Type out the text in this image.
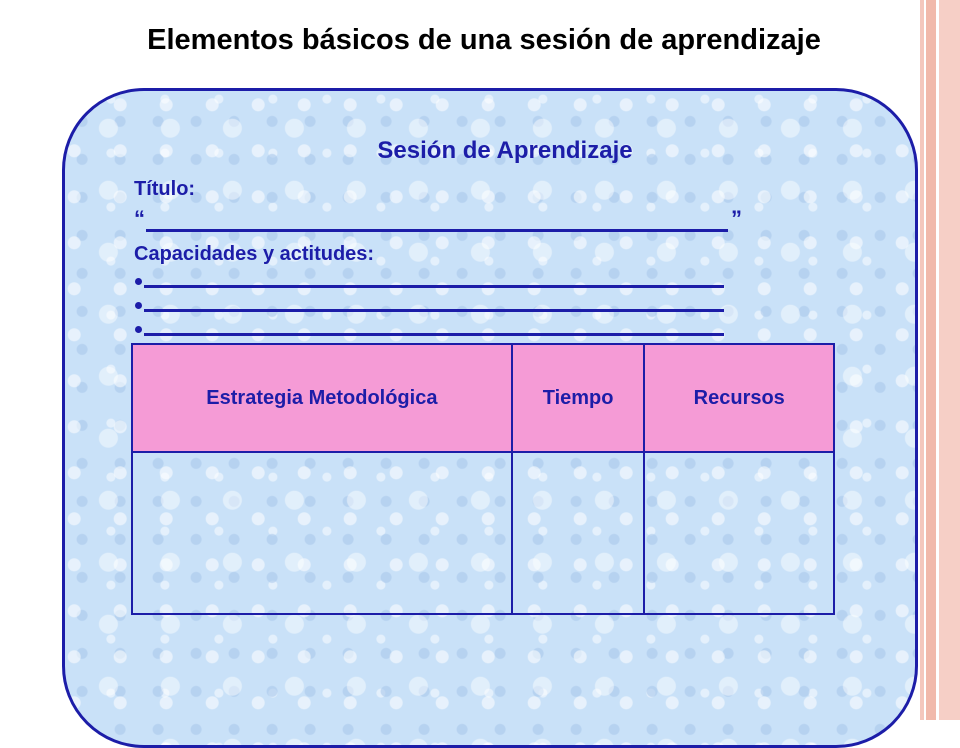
Elementos básicos de una sesión de aprendizaje
Sesión de Aprendizaje
Título:
“	”
Capacidades y actitudes:
Estrategia Metodológica	Tiempo	Recursos
